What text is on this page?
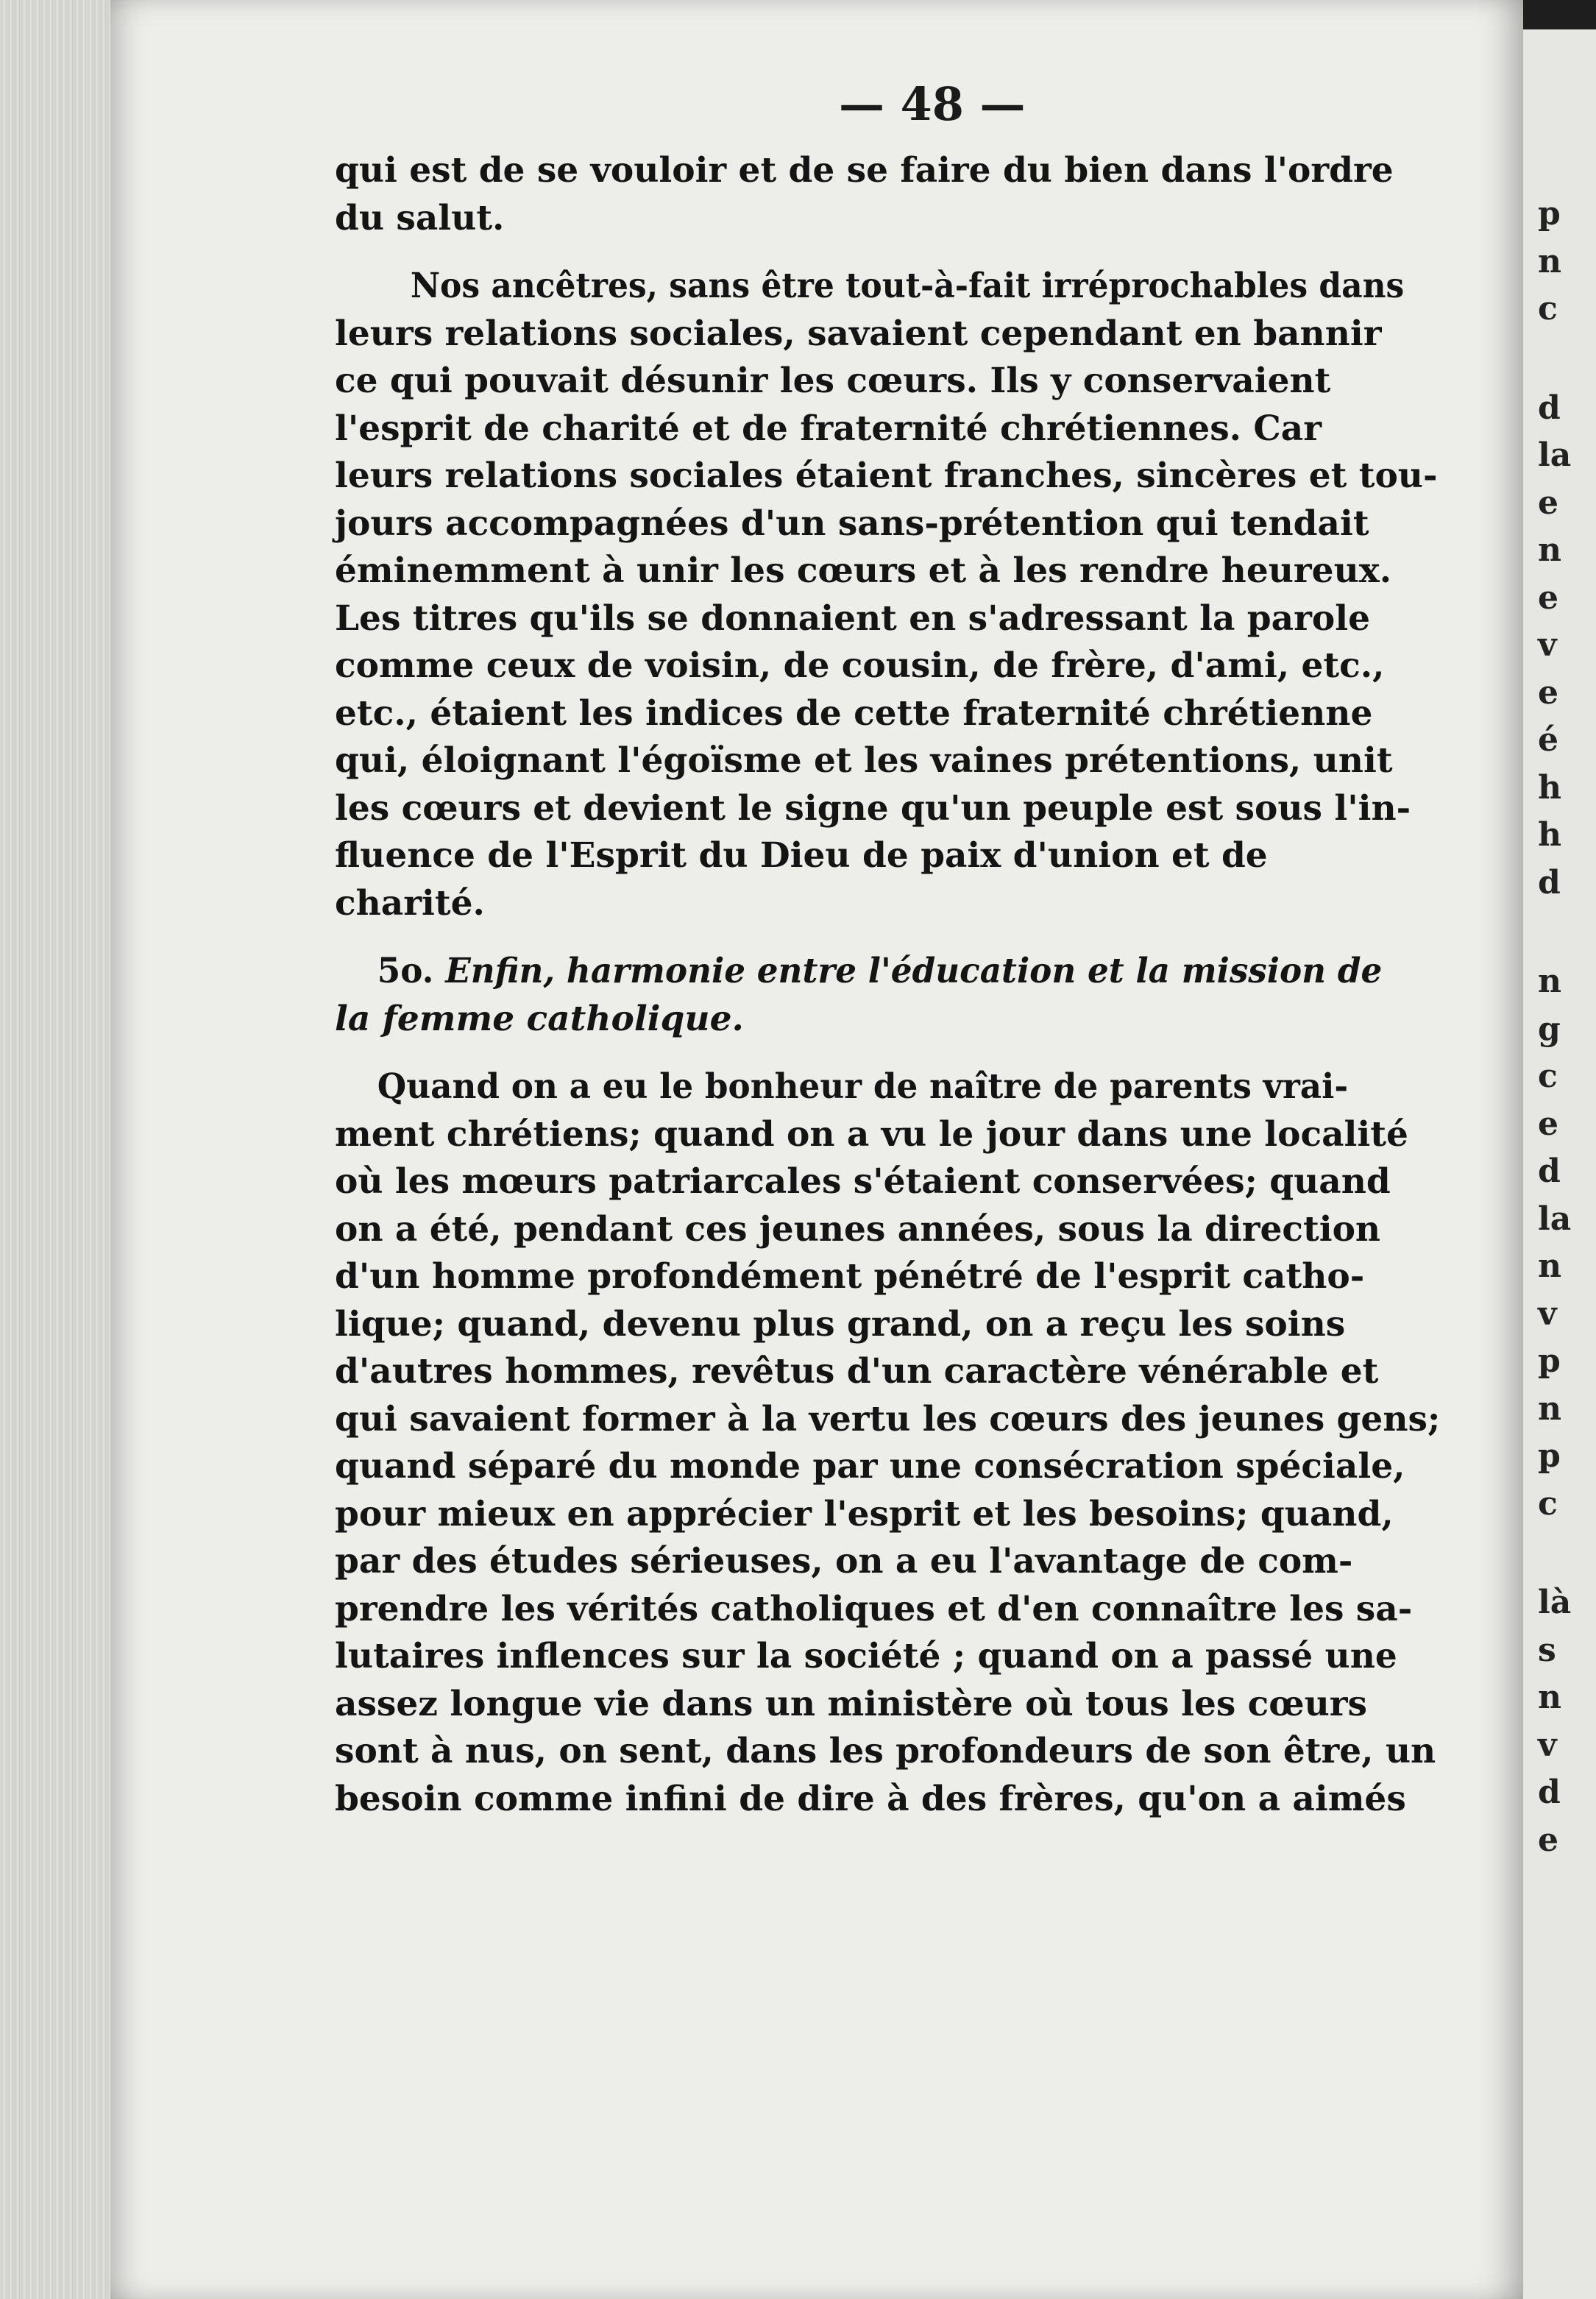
— 48 —
qui est de se vouloir et de se faire du bien dans l'ordre
du salut.
Nos ancêtres, sans être tout-à-fait irréprochables dans
leurs relations sociales, savaient cependant en bannir
ce qui pouvait désunir les cœurs. Ils y conservaient
l'esprit de charité et de fraternité chrétiennes. Car
leurs relations sociales étaient franches, sincères et tou-
jours accompagnées d'un sans-prétention qui tendait
éminemment à unir les cœurs et à les rendre heureux.
Les titres qu'ils se donnaient en s'adressant la parole
comme ceux de voisin, de cousin, de frère, d'ami, etc.,
etc., étaient les indices de cette fraternité chrétienne
qui, éloignant l'égoïsme et les vaines prétentions, unit
les cœurs et devient le signe qu'un peuple est sous l'in-
fluence de l'Esprit du Dieu de paix d'union et de
charité.
5o. Enfin, harmonie entre l'éducation et la mission de
la femme catholique.
Quand on a eu le bonheur de naître de parents vrai-
ment chrétiens; quand on a vu le jour dans une localité
où les mœurs patriarcales s'étaient conservées; quand
on a été, pendant ces jeunes années, sous la direction
d'un homme profondément pénétré de l'esprit catho-
lique; quand, devenu plus grand, on a reçu les soins
d'autres hommes, revêtus d'un caractère vénérable et
qui savaient former à la vertu les cœurs des jeunes gens;
quand séparé du monde par une consécration spéciale,
pour mieux en apprécier l'esprit et les besoins; quand,
par des études sérieuses, on a eu l'avantage de com-
prendre les vérités catholiques et d'en connaître les sa-
lutaires inflences sur la société ; quand on a passé une
assez longue vie dans un ministère où tous les cœurs
sont à nus, on sent, dans les profondeurs de son être, un
besoin comme infini de dire à des frères, qu'on a aimés
p
n
c
d
la
e
n
e
v
e
é
h
h
d
n
g
c
e
d
la
n
v
p
n
p
c
là
s
n
v
d
e
